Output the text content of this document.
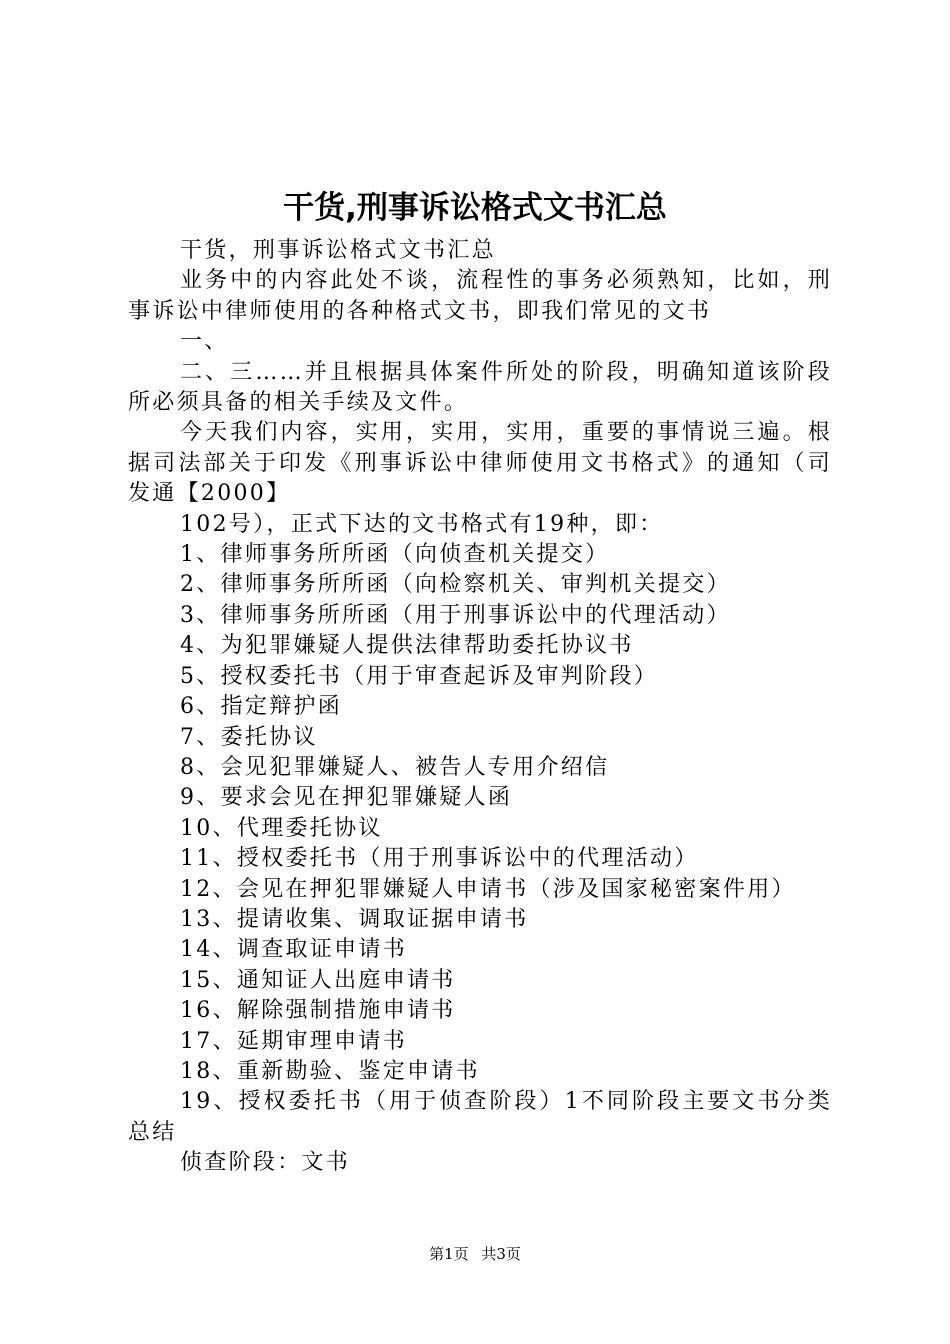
干货,刑事诉讼格式文书汇总

干货，刑事诉讼格式文书汇总

业务中的内容此处不谈，流程性的事务必须熟知，比如，刑事诉讼中律师使用的各种格式文书，即我们常见的文书

一、

二、三……并且根据具体案件所处的阶段，明确知道该阶段所必须具备的相关手续及文件。

今天我们内容，实用，实用，实用，重要的事情说三遍。根据司法部关于印发《刑事诉讼中律师使用文书格式》的通知（司发通【2000】

102号），正式下达的文书格式有19种，即：

1、律师事务所所函（向侦查机关提交）

2、律师事务所所函（向检察机关、审判机关提交）

3、律师事务所所函（用于刑事诉讼中的代理活动）

4、为犯罪嫌疑人提供法律帮助委托协议书

5、授权委托书（用于审查起诉及审判阶段）

6、指定辩护函

7、委托协议

8、会见犯罪嫌疑人、被告人专用介绍信

9、要求会见在押犯罪嫌疑人函

10、代理委托协议

11、授权委托书（用于刑事诉讼中的代理活动）

12、会见在押犯罪嫌疑人申请书（涉及国家秘密案件用）

13、提请收集、调取证据申请书

14、调查取证申请书

15、通知证人出庭申请书

16、解除强制措施申请书

17、延期审理申请书

18、重新勘验、鉴定申请书

19、授权委托书（用于侦查阶段）1不同阶段主要文书分类总结

侦查阶段：文书

第1页 共3页
